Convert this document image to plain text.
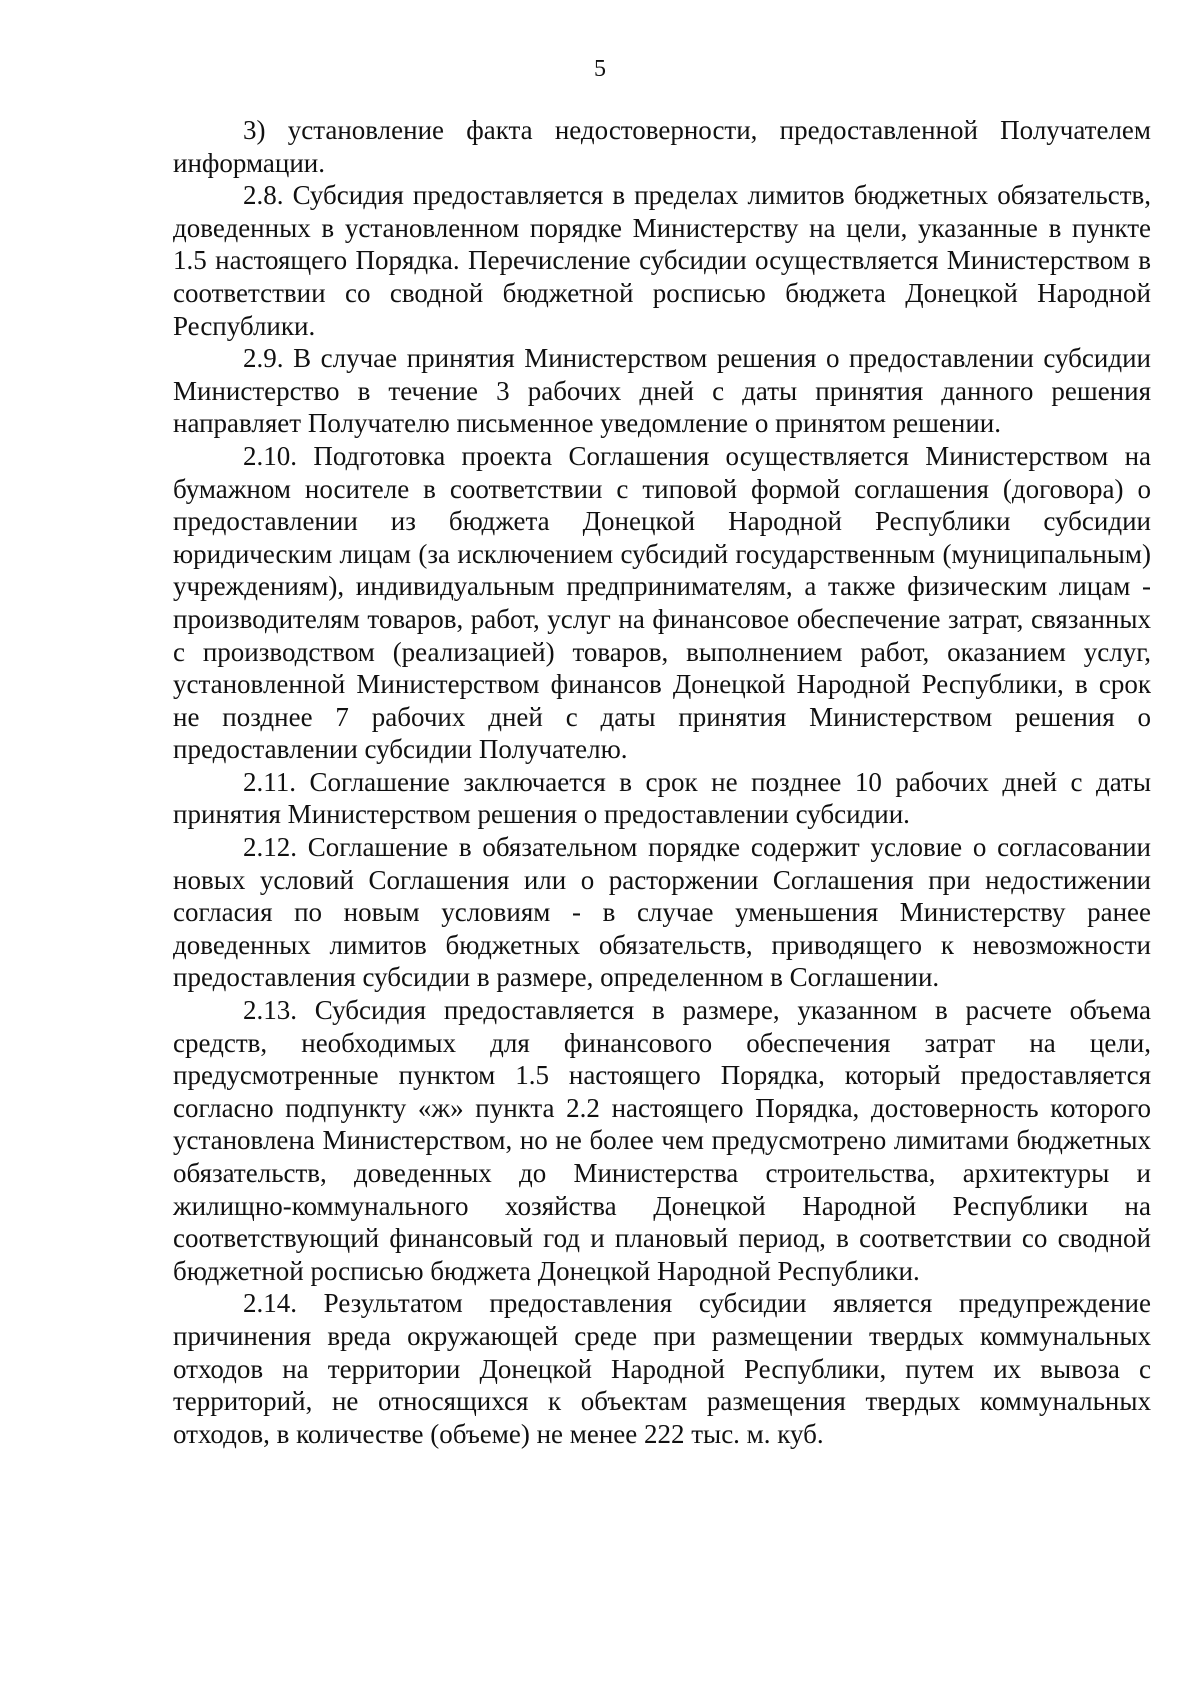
5

3) установление факта недостоверности, предоставленной Получателем информации.

2.8. Субсидия предоставляется в пределах лимитов бюджетных обязательств, доведенных в установленном порядке Министерству на цели, указанные в пункте 1.5 настоящего Порядка. Перечисление субсидии осуществляется Министерством в соответствии со сводной бюджетной росписью бюджета Донецкой Народной Республики.

2.9. В случае принятия Министерством решения о предоставлении субсидии Министерство в течение 3 рабочих дней с даты принятия данного решения направляет Получателю письменное уведомление о принятом решении.

2.10. Подготовка проекта Соглашения осуществляется Министерством на бумажном носителе в соответствии с типовой формой соглашения (договора) о предоставлении из бюджета Донецкой Народной Республики субсидии юридическим лицам (за исключением субсидий государственным (муниципальным) учреждениям), индивидуальным предпринимателям, а также физическим лицам - производителям товаров, работ, услуг на финансовое обеспечение затрат, связанных с производством (реализацией) товаров, выполнением работ, оказанием услуг, установленной Министерством финансов Донецкой Народной Республики, в срок не позднее 7 рабочих дней с даты принятия Министерством решения о предоставлении субсидии Получателю.

2.11. Соглашение заключается в срок не позднее 10 рабочих дней с даты принятия Министерством решения о предоставлении субсидии.

2.12. Соглашение в обязательном порядке содержит условие о согласовании новых условий Соглашения или о расторжении Соглашения при недостижении согласия по новым условиям - в случае уменьшения Министерству ранее доведенных лимитов бюджетных обязательств, приводящего к невозможности предоставления субсидии в размере, определенном в Соглашении.

2.13. Субсидия предоставляется в размере, указанном в расчете объема средств, необходимых для финансового обеспечения затрат на цели, предусмотренные пунктом 1.5 настоящего Порядка, который предоставляется согласно подпункту «ж» пункта 2.2 настоящего Порядка, достоверность которого установлена Министерством, но не более чем предусмотрено лимитами бюджетных обязательств, доведенных до Министерства строительства, архитектуры и жилищно-коммунального хозяйства Донецкой Народной Республики на соответствующий финансовый год и плановый период, в соответствии со сводной бюджетной росписью бюджета Донецкой Народной Республики.

2.14. Результатом предоставления субсидии является предупреждение причинения вреда окружающей среде при размещении твердых коммунальных отходов на территории Донецкой Народной Республики, путем их вывоза с территорий, не относящихся к объектам размещения твердых коммунальных отходов, в количестве (объеме) не менее 222 тыс. м. куб.
